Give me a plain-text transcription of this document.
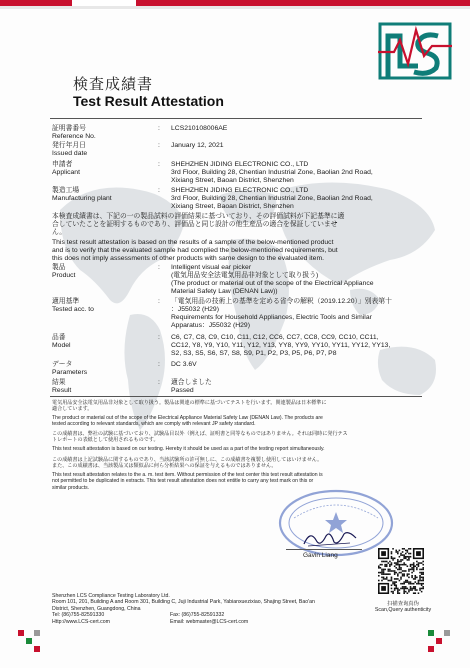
検査成績書
Test Result Attestation
証明書番号
Reference No.
: LCS210108006AE
発行年月日
Issued date
: January 12, 2021
申請者
Applicant
: SHEHZHEN JIDING ELECTRONIC CO., LTD
3rd Floor, Building 28, Chentian Industrial Zone, Baolian 2nd Road,
Xixiang Street, Baoan District, Shenzhen
製造工場
Manufacturing plant
: SHEHZHEN JIDING ELECTRONIC CO., LTD
3rd Floor, Building 28, Chentian Industrial Zone, Baolian 2nd Road,
Xixiang Street, Baoan District, Shenzhen
本検査成績書は、下記の一の製品試料の評価結果に基づいており、その評価試料が下記基準に適
合していたことを証明するものであり、評価品と同じ設計の他生産品の適合を保証していませ
ん。
This test result attestation is based on the results of a sample of the below-mentioned product
and is to verify that the evaluated sample had complied the below-mentioned requirements, but
this does not imply assessments of other products with same design to the evaluated item.
製品
Product
: Intelligent visual ear picker
(電気用品安全法電気用品非対象として取り扱う)
(The product or material out of the scope of the Electrical Appliance
Material Safety Law (DENAN Law))
適用基準
Tested acc. to
: 「電気用品の技術上の基準を定める省令の解釈（2019.12.20）」別表第十
：J55032 (H29)
Requirements for Household Appliances, Electric Tools and Similar
Apparatus：J55032 (H29)
品番
Model
: C6, C7, C8, C9, C10, C11, C12, CC6, CC7, CC8, CC9, CC10, CC11,
CC12, Y8, Y9, Y10, Y11, Y12, Y13, YY8, YY9, YY10, YY11, YY12, YY13,
S2, S3, S5, S6, S7, S8, S9, P1, P2, P3, P5, P6, P7, P8
データ
Parameters
: DC 3.6V
結果
Result
: 適合しました
Passed
電気用品安全法電気用品非対象として取り扱う。製品は関連の標準に基づいてテストを行います。関連製品は日本標準に
適合しています。
The product or material out of the scope of the Electrical Appliance Material Safety Law (DENAN Law). The products are
tested according to relevant standards, which are comply with relevant JP safety standard.
この成績書は、弊社の試験に基づいており、試験品目以外（例えば、証明書と同等なものではありません。それは同時に発行テス
トレポートの表紙として使用されるものです。
This test result attestation is based on our testing. Hereby it should be used as a part of the testing report simultaneously.
この成績書は上記試験品に関するものであり、当該試験所の許可無しに、この成績書を複製し使用してはいけません。
また、この成績書は、当該製品又は類似品に何ら分析結果への保証を与えるものではありません。
This test result attestation relates to the a. m. test item. Without permission of the test center this test result attestation is
not permitted to be duplicated in extracts. This test result attestation does not entitle to carry any test mark on this or
similar products.
Gavin Liang
扫描查询真伪
Scan,Query authenticity
Shenzhen LCS Compliance Testing Laboratory Ltd.
Room 101, 201, Building A and Room 301, Building C, Juji Industrial Park, Yabianxuezixiao, Shajing Street, Bao'an
District, Shenzhen, Guangdong, China
Tel: (86)755-82591330	Fax: (86)755-82591332
Http://www.LCS-cert.com	Email: webmaster@LCS-cert.com
